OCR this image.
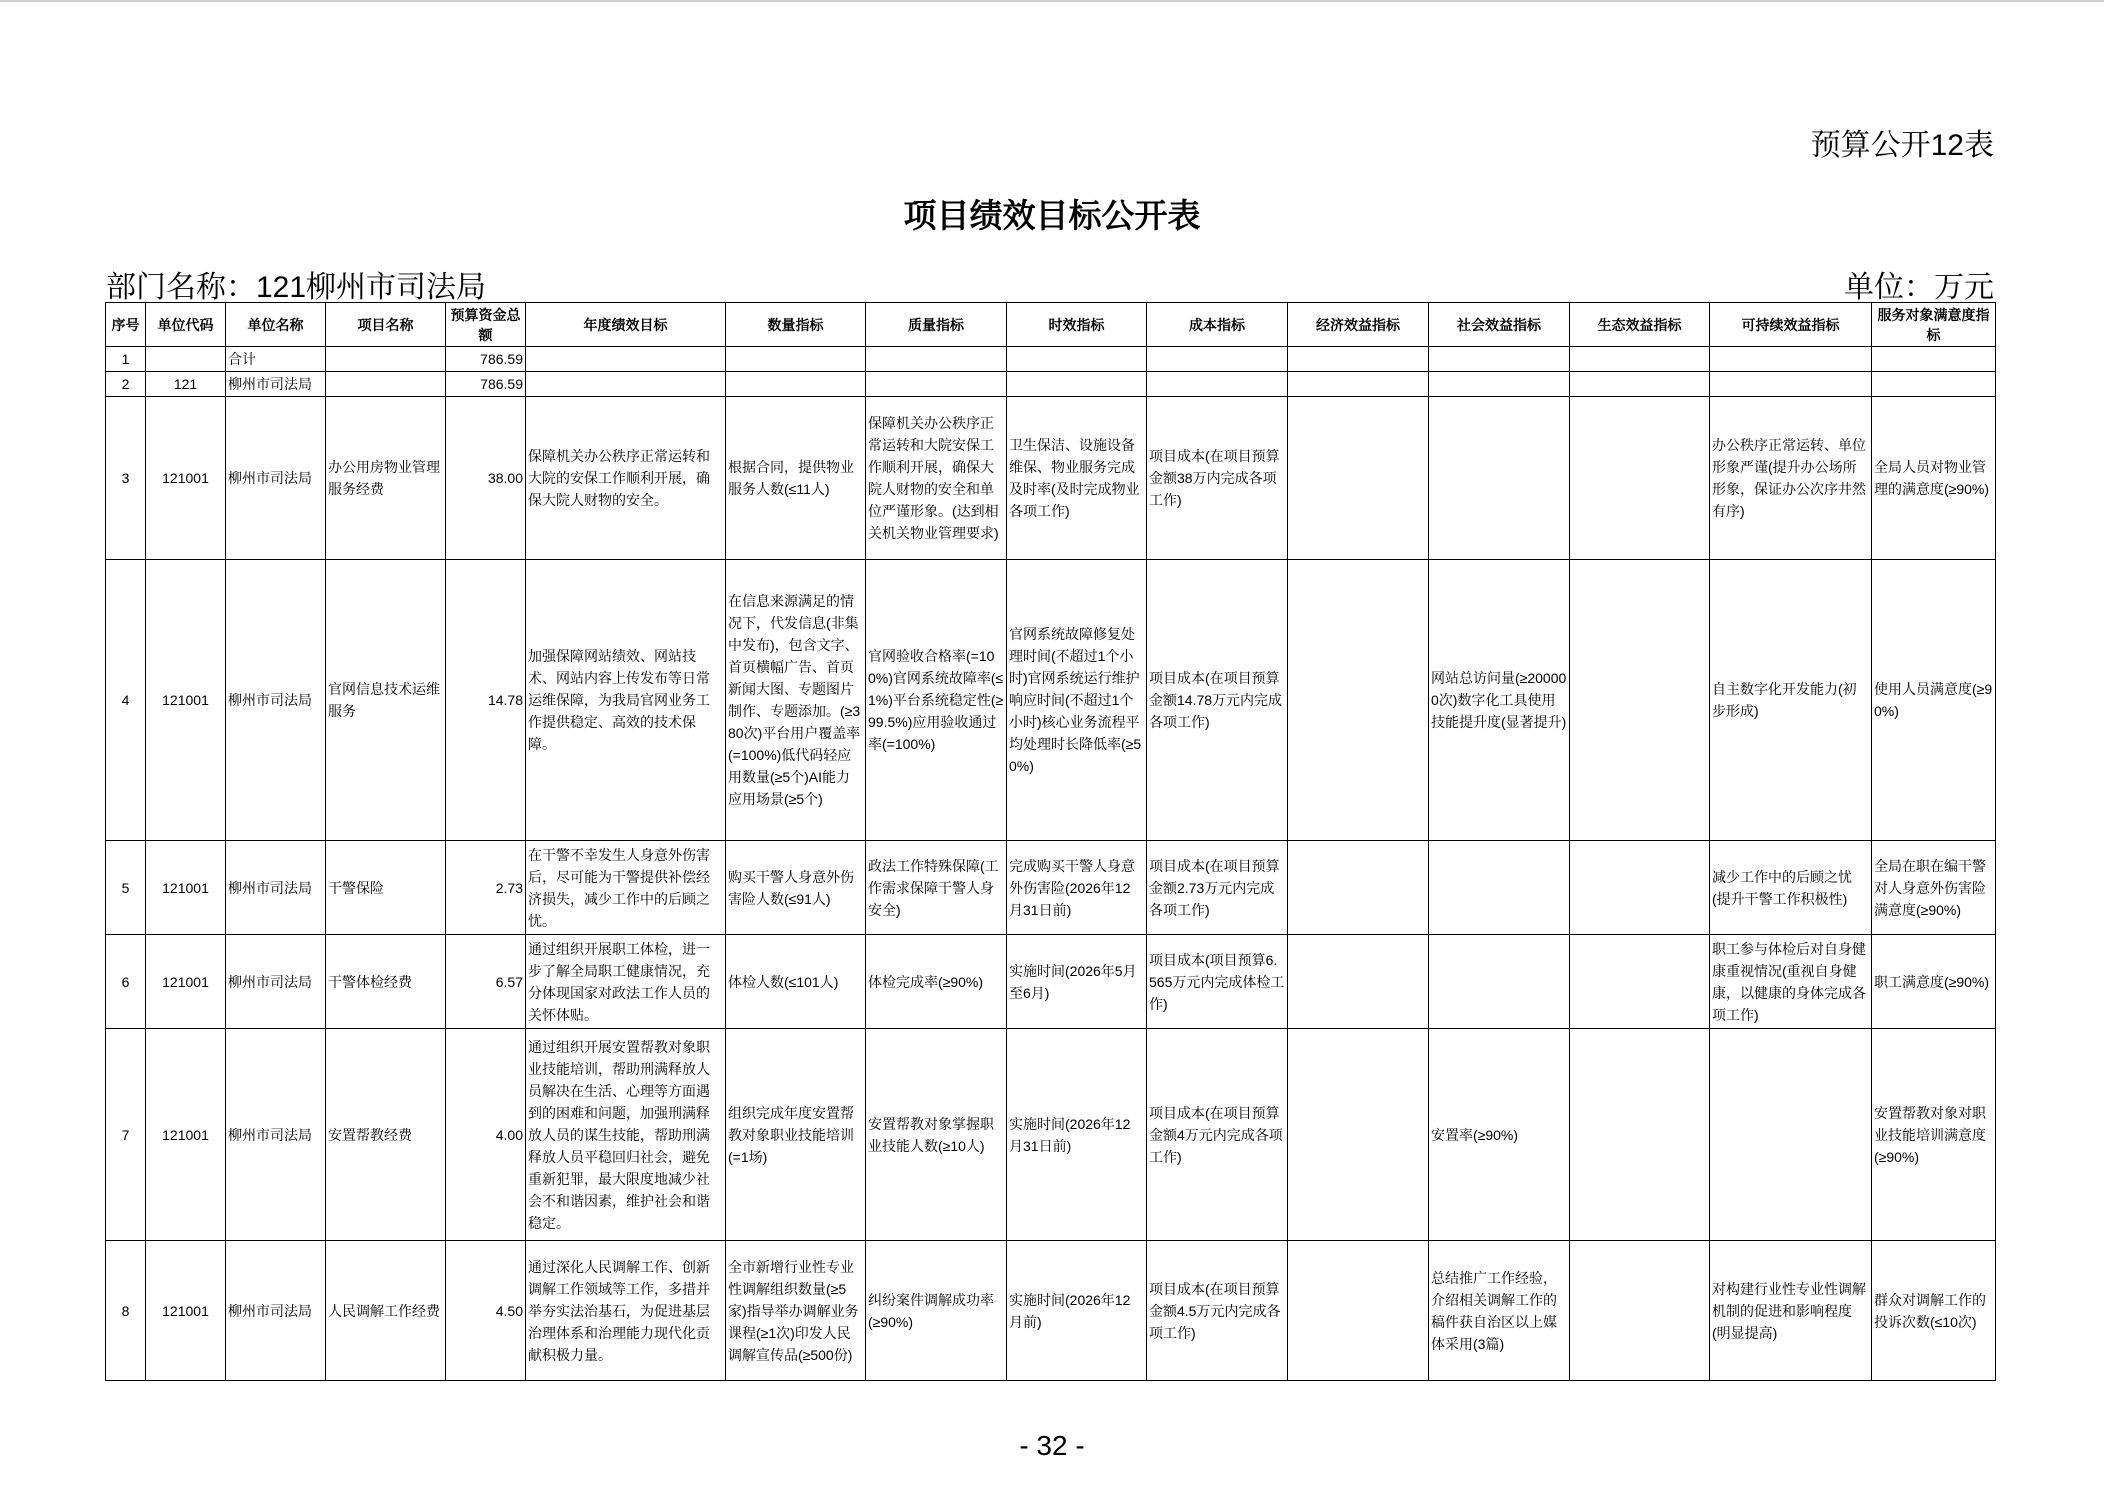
预算公开12表
项目绩效目标公开表
部门名称：121柳州市司法局	单位：万元
序号	单位代码	单位名称	项目名称	预算资金总额	年度绩效目标	数量指标	质量指标	时效指标	成本指标	经济效益指标	社会效益指标	生态效益指标	可持续效益指标	服务对象满意度指标
1		合计		786.59										
2	121	柳州市司法局		786.59										
3	121001	柳州市司法局	办公用房物业管理服务经费	38.00	保障机关办公秩序正常运转和大院的安保工作顺利开展，确保大院人财物的安全。	根据合同，提供物业服务人数(≤11人)	保障机关办公秩序正常运转和大院安保工作顺利开展，确保大院人财物的安全和单位严谨形象。(达到相关机关物业管理要求)	卫生保洁、设施设备维保、物业服务完成及时率(及时完成物业各项工作)	项目成本(在项目预算金额38万内完成各项工作)				办公秩序正常运转、单位形象严谨(提升办公场所形象，保证办公次序井然有序)	全局人员对物业管理的满意度(≥90%)
4	121001	柳州市司法局	官网信息技术运维服务	14.78	加强保障网站绩效、网站技术、网站内容上传发布等日常运维保障，为我局官网业务工作提供稳定、高效的技术保障。	在信息来源满足的情况下，代发信息(非集中发布)，包含文字、首页横幅广告、首页新闻大图、专题图片制作、专题添加。(≥380次)平台用户覆盖率(=100%)低代码轻应用数量(≥5个)AI能力应用场景(≥5个)	官网验收合格率(=100%)官网系统故障率(≤1%)平台系统稳定性(≥99.5%)应用验收通过率(=100%)	官网系统故障修复处理时间(不超过1个小时)官网系统运行维护响应时间(不超过1个小时)核心业务流程平均处理时长降低率(≥50%)	项目成本(在项目预算金额14.78万元内完成各项工作)		网站总访问量(≥200000次)数字化工具使用技能提升度(显著提升)		自主数字化开发能力(初步形成)	使用人员满意度(≥90%)
5	121001	柳州市司法局	干警保险	2.73	在干警不幸发生人身意外伤害后，尽可能为干警提供补偿经济损失，减少工作中的后顾之忧。	购买干警人身意外伤害险人数(≤91人)	政法工作特殊保障(工作需求保障干警人身安全)	完成购买干警人身意外伤害险(2026年12月31日前)	项目成本(在项目预算金额2.73万元内完成各项工作)				减少工作中的后顾之忧(提升干警工作积极性)	全局在职在编干警对人身意外伤害险满意度(≥90%)
6	121001	柳州市司法局	干警体检经费	6.57	通过组织开展职工体检，进一步了解全局职工健康情况，充分体现国家对政法工作人员的关怀体贴。	体检人数(≤101人)	体检完成率(≥90%)	实施时间(2026年5月至6月)	项目成本(项目预算6.565万元内完成体检工作)				职工参与体检后对自身健康重视情况(重视自身健康，以健康的身体完成各项工作)	职工满意度(≥90%)
7	121001	柳州市司法局	安置帮教经费	4.00	通过组织开展安置帮教对象职业技能培训，帮助刑满释放人员解决在生活、心理等方面遇到的困难和问题，加强刑满释放人员的谋生技能，帮助刑满释放人员平稳回归社会，避免重新犯罪，最大限度地减少社会不和谐因素，维护社会和谐稳定。	组织完成年度安置帮教对象职业技能培训(=1场)	安置帮教对象掌握职业技能人数(≥10人)	实施时间(2026年12月31日前)	项目成本(在项目预算金额4万元内完成各项工作)		安置率(≥90%)			安置帮教对象对职业技能培训满意度(≥90%)
8	121001	柳州市司法局	人民调解工作经费	4.50	通过深化人民调解工作、创新调解工作领域等工作，多措并举夯实法治基石，为促进基层治理体系和治理能力现代化贡献积极力量。	全市新增行业性专业性调解组织数量(≥5家)指导举办调解业务课程(≥1次)印发人民调解宣传品(≥500份)	纠纷案件调解成功率(≥90%)	实施时间(2026年12月前)	项目成本(在项目预算金额4.5万元内完成各项工作)		总结推广工作经验，介绍相关调解工作的稿件获自治区以上媒体采用(3篇)		对构建行业性专业性调解机制的促进和影响程度(明显提高)	群众对调解工作的投诉次数(≤10次)
- 32 -
